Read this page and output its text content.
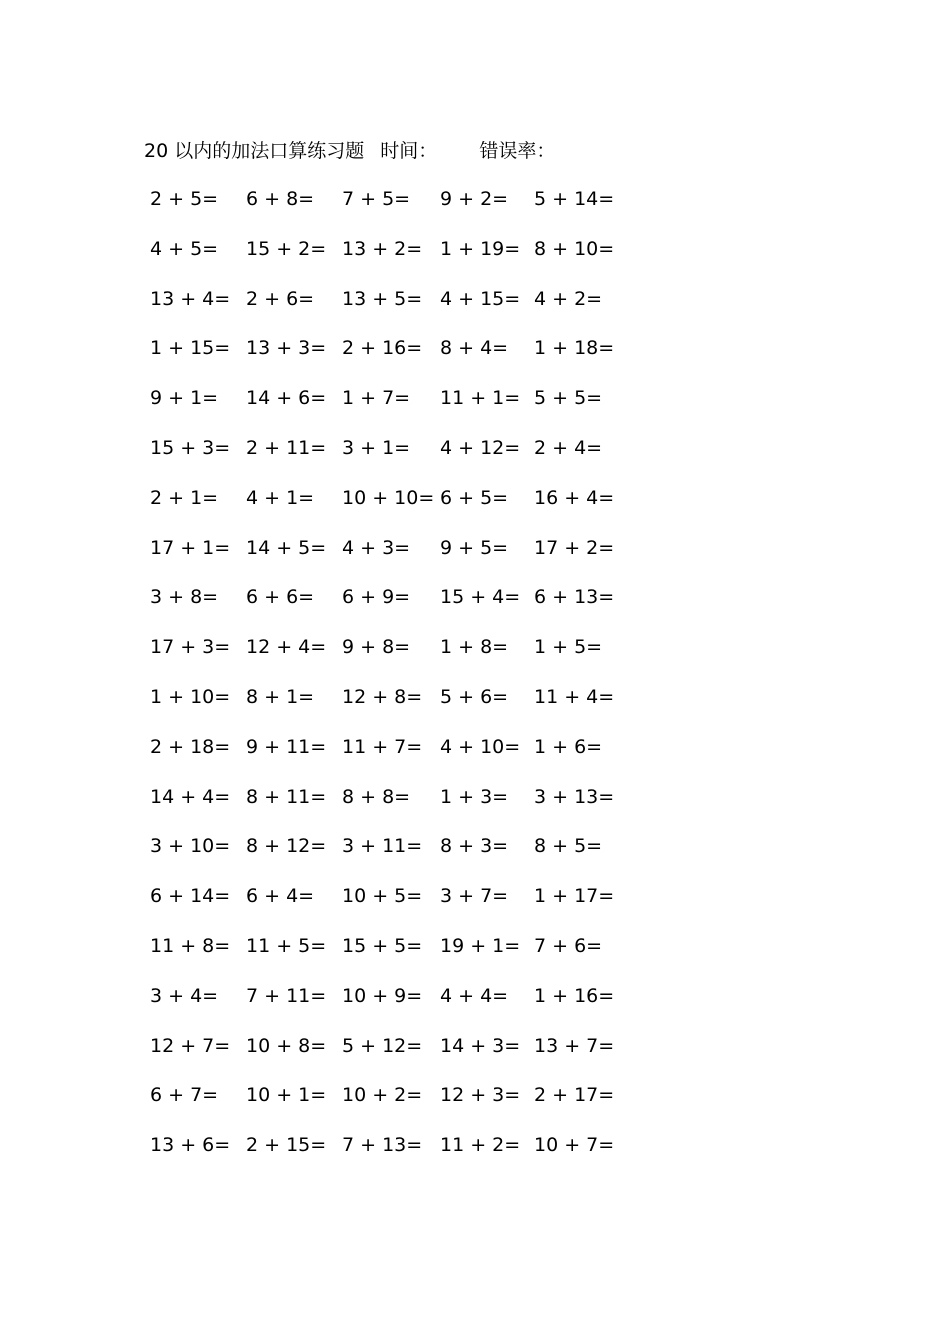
20 以内的加法口算练习题 时间： 错误率：
2 + 5= 6 + 8= 7 + 5= 9 + 2= 5 + 14=
4 + 5= 15 + 2= 13 + 2= 1 + 19= 8 + 10=
13 + 4= 2 + 6= 13 + 5= 4 + 15= 4 + 2=
1 + 15= 13 + 3= 2 + 16= 8 + 4= 1 + 18=
9 + 1= 14 + 6= 1 + 7= 11 + 1= 5 + 5=
15 + 3= 2 + 11= 3 + 1= 4 + 12= 2 + 4=
2 + 1= 4 + 1= 10 + 10= 6 + 5= 16 + 4=
17 + 1= 14 + 5= 4 + 3= 9 + 5= 17 + 2=
3 + 8= 6 + 6= 6 + 9= 15 + 4= 6 + 13=
17 + 3= 12 + 4= 9 + 8= 1 + 8= 1 + 5=
1 + 10= 8 + 1= 12 + 8= 5 + 6= 11 + 4=
2 + 18= 9 + 11= 11 + 7= 4 + 10= 1 + 6=
14 + 4= 8 + 11= 8 + 8= 1 + 3= 3 + 13=
3 + 10= 8 + 12= 3 + 11= 8 + 3= 8 + 5=
6 + 14= 6 + 4= 10 + 5= 3 + 7= 1 + 17=
11 + 8= 11 + 5= 15 + 5= 19 + 1= 7 + 6=
3 + 4= 7 + 11= 10 + 9= 4 + 4= 1 + 16=
12 + 7= 10 + 8= 5 + 12= 14 + 3= 13 + 7=
6 + 7= 10 + 1= 10 + 2= 12 + 3= 2 + 17=
13 + 6= 2 + 15= 7 + 13= 11 + 2= 10 + 7=
